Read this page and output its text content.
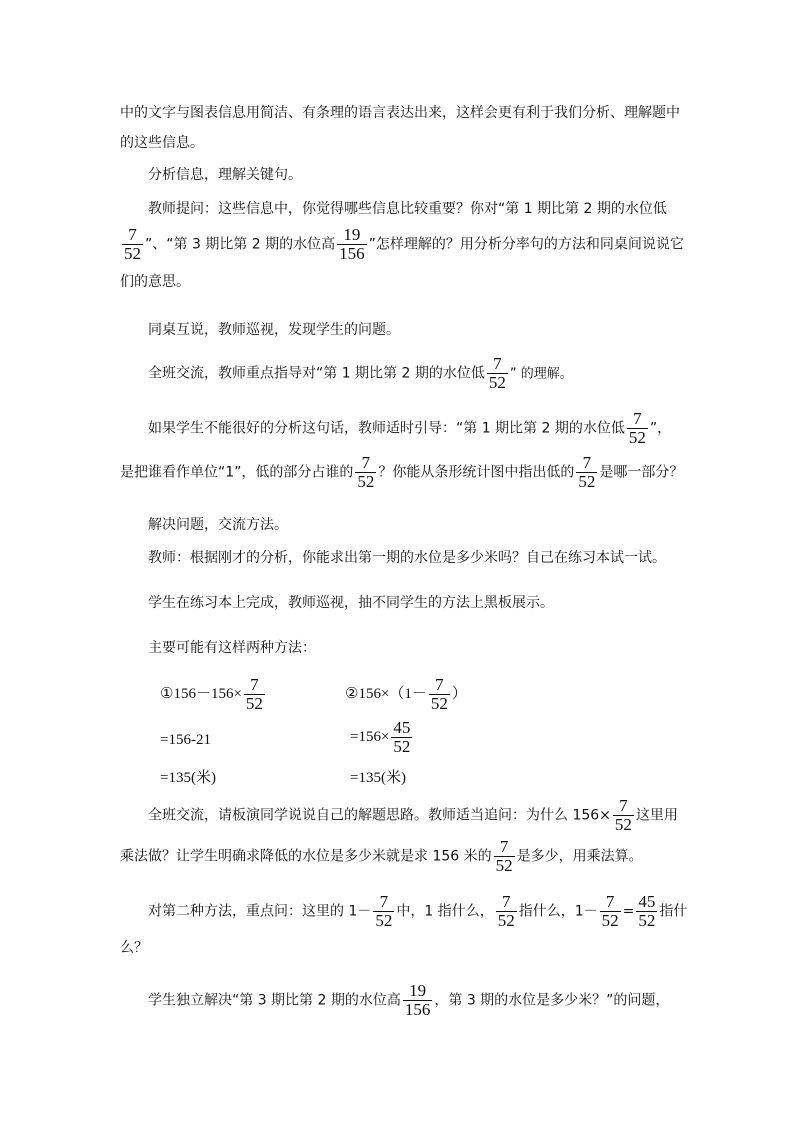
中的文字与图表信息用简洁、有条理的语言表达出来，这样会更有利于我们分析、理解题中
的这些信息。
分析信息，理解关键句。
教师提问：这些信息中，你觉得哪些信息比较重要？你对“第 1 期比第 2 期的水位低
$\frac{7}{52}$ ”、“第 3 期比第 2 期的水位高 $\frac{19}{156}$ ”怎样理解的？用分析分率句的方法和同桌间说说它
们的意思。
同桌互说，教师巡视，发现学生的问题。
全班交流，教师重点指导对“第 1 期比第 2 期的水位低 $\frac{7}{52}$ ” 的理解。
如果学生不能很好的分析这句话，教师适时引导：“第 1 期比第 2 期的水位低 $\frac{7}{52}$ ”，
是把谁看作单位“1”，低的部分占谁的 $\frac{7}{52}$ ？你能从条形统计图中指出低的 $\frac{7}{52}$ 是哪一部分？
解决问题，交流方法。
教师：根据刚才的分析，你能求出第一期的水位是多少米吗？自己在练习本试一试。
学生在练习本上完成，教师巡视，抽不同学生的方法上黑板展示。
主要可能有这样两种方法：
①156－156× $\frac{7}{52}$
=156-21
=135(米)
②156×（1－ $\frac{7}{52}$ ）
$=156\times \frac{45}{52}$
=135(米)
全班交流，请板演同学说说自己的解题思路。教师适当追问：为什么 $156\times \frac{7}{52}$ 这里用
乘法做？让学生明确求降低的水位是多少米就是求 156 米的 $\frac{7}{52}$ 是多少，用乘法算。
对第二种方法，重点问：这里的 $1- \frac{7}{52}$ 中，1 指什么， $\frac{7}{52}$ 指什么，$1- \frac{7}{52} = \frac{45}{52}$ 指什
么？
学生独立解决“第 3 期比第 2 期的水位高 $\frac{19}{156}$ ，第 3 期的水位是多少米？”的问题，
